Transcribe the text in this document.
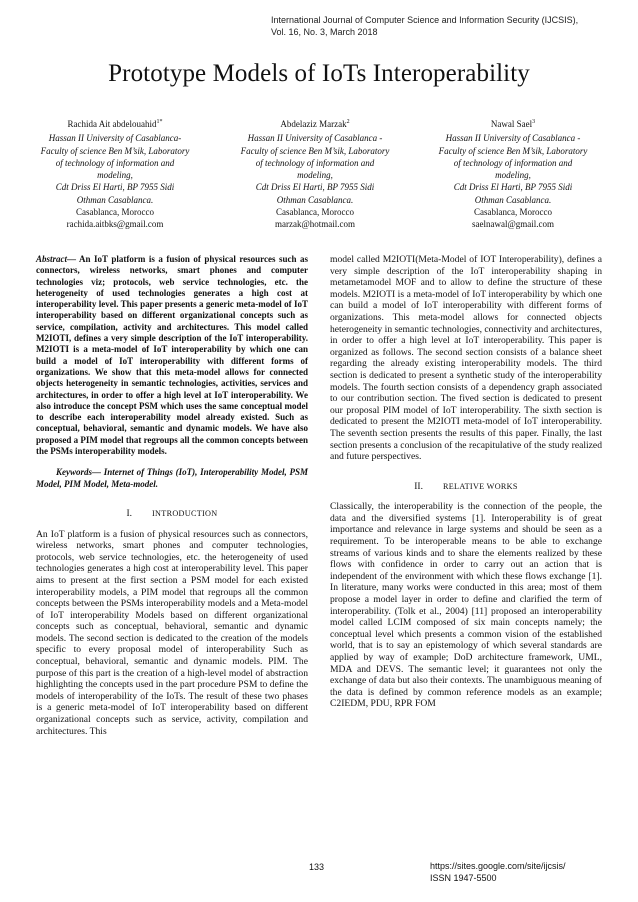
International Journal of Computer Science and Information Security (IJCSIS),
Vol. 16, No. 3, March 2018
Prototype Models of IoTs Interoperability
Rachida Ait abdelouahid$^{1*}$
Hassan II University of Casablanca-
Faculty of science Ben M’sik, Laboratory
of technology of information and
modeling,
Cdt Driss El Harti, BP 7955 Sidi
Othman Casablanca.
Casablanca, Morocco
rachida.aitbks@gmail.com
Abdelaziz Marzak$^2$
Hassan II University of Casablanca -
Faculty of science Ben M’sik, Laboratory
of technology of information and
modeling,
Cdt Driss El Harti, BP 7955 Sidi
Othman Casablanca.
Casablanca, Morocco
marzak@hotmail.com
Nawal Sael$^3$
Hassan II University of Casablanca -
Faculty of science Ben M’sik, Laboratory
of technology of information and
modeling,
Cdt Driss El Harti, BP 7955 Sidi
Othman Casablanca.
Casablanca, Morocco
saelnawal@gmail.com

Abstract— An IoT platform is a fusion of physical resources such as connectors, wireless networks, smart phones and computer technologies viz; protocols, web service technologies, etc. the heterogeneity of used technologies generates a high cost at interoperability level. This paper presents a generic meta-model of IoT interoperability based on different organizational concepts such as service, compilation, activity and architectures. This model called M2IOTI, defines a very simple description of the IoT interoperability. M2IOTI is a meta-model of IoT interoperability by which one can build a model of IoT interoperability with different forms of organizations. We show that this meta-model allows for connected objects heterogeneity in semantic technologies, activities, services and architectures, in order to offer a high level at IoT interoperability. We also introduce the concept PSM which uses the same conceptual model to describe each interoperability model already existed. Such as conceptual, behavioral, semantic and dynamic models. We have also proposed a PIM model that regroups all the common concepts between the PSMs interoperability models.

Keywords— Internet of Things (IoT), Interoperability Model, PSM Model, PIM Model, Meta-model.

I. INTRODUCTION

An IoT platform is a fusion of physical resources such as connectors, wireless networks, smart phones and computer technologies, protocols, web service technologies, etc. the heterogeneity of used technologies generates a high cost at interoperability level. This paper aims to present at the first section a PSM model for each existed interoperability models, a PIM model that regroups all the common concepts between the PSMs interoperability models and a Meta-model of IoT interoperability Models based on different organizational concepts such as conceptual, behavioral, semantic and dynamic models. The second section is dedicated to the creation of the models specific to every proposal model of interoperability Such as conceptual, behavioral, semantic and dynamic models. PIM. The purpose of this part is the creation of a high-level model of abstraction highlighting the concepts used in the part procedure PSM to define the models of interoperability of the IoTs. The result of these two phases is a generic meta-model of IoT interoperability based on different organizational concepts such as service, activity, compilation and architectures. This

model called M2IOTI(Meta-Model of IOT Interoperability), defines a very simple description of the IoT interoperability shaping in metametamodel MOF and to allow to define the structure of these models. M2IOTI is a meta-model of IoT interoperability by which one can build a model of IoT interoperability with different forms of organizations. This meta-model allows for connected objects heterogeneity in semantic technologies, connectivity and architectures, in order to offer a high level at IoT interoperability. This paper is organized as follows. The second section consists of a balance sheet regarding the already existing interoperability models. The third section is dedicated to present a synthetic study of the interoperability models. The fourth section consists of a dependency graph associated to our contribution section. The fived section is dedicated to present our proposal PIM model of IoT interoperability. The sixth section is dedicated to present the M2IOTI meta-model of IoT interoperability. The seventh section presents the results of this paper. Finally, the last section presents a conclusion of the recapitulative of the study realized and future perspectives.

II. RELATIVE WORKS

Classically, the interoperability is the connection of the people, the data and the diversified systems [1]. Interoperability is of great importance and relevance in large systems and should be seen as a requirement. To be interoperable means to be able to exchange streams of various kinds and to share the elements realized by these flows with confidence in order to carry out an action that is independent of the environment with which these flows exchange [1]. In literature, many works were conducted in this area; most of them propose a model layer in order to define and clarified the term of interoperability. (Tolk et al., 2004) [11] proposed an interoperability model called LCIM composed of six main concepts namely; the conceptual level which presents a common vision of the established world, that is to say an epistemology of which several standards are applied by way of example; DoD architecture framework, UML, MDA and DEVS. The semantic level; it guarantees not only the exchange of data but also their contexts. The unambiguous meaning of the data is defined by common reference models as an example; C2IEDM, PDU, RPR FOM

133	https://sites.google.com/site/ijcsis/
ISSN 1947-5500
